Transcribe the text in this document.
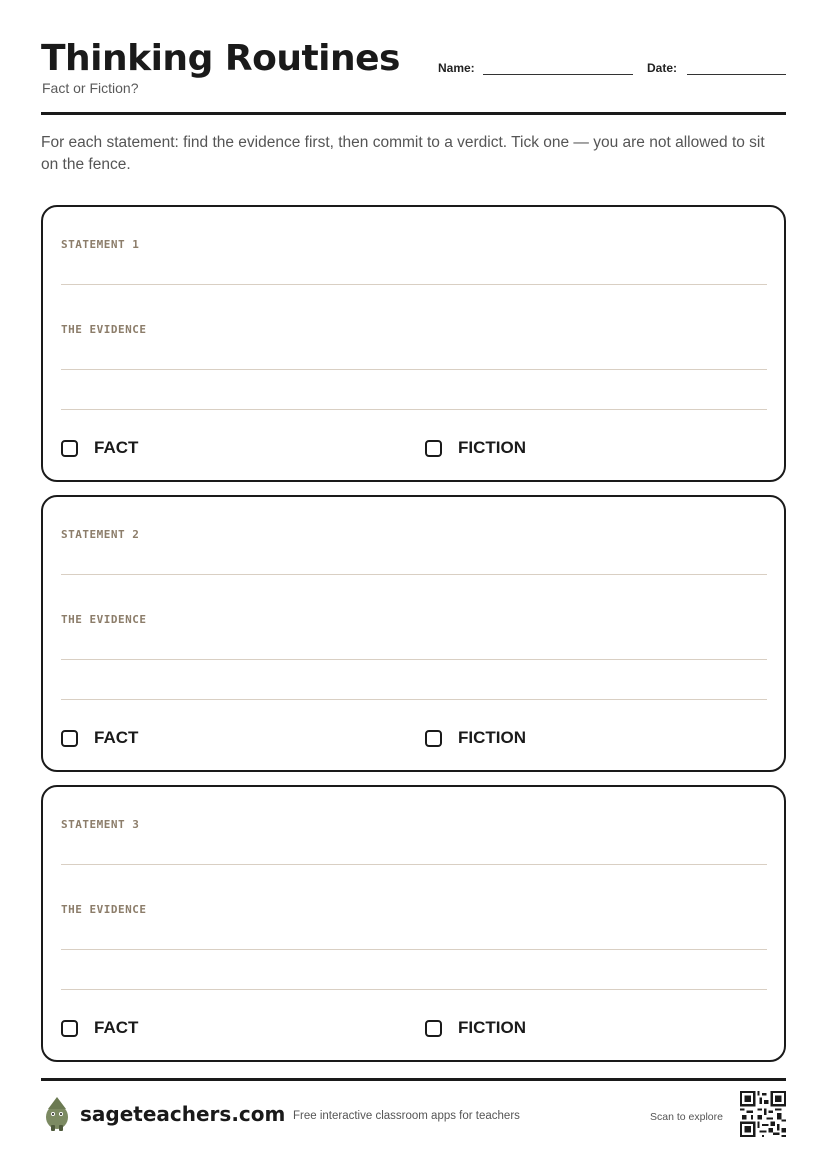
Thinking Routines
Fact or Fiction?
Name:	Date:
For each statement: find the evidence first, then commit to a verdict. Tick one — you are not allowed to sit on the fence.
STATEMENT 1
THE EVIDENCE
FACT	FICTION
STATEMENT 2
THE EVIDENCE
FACT	FICTION
STATEMENT 3
THE EVIDENCE
FACT	FICTION
sageteachers.com Free interactive classroom apps for teachers	Scan to explore
